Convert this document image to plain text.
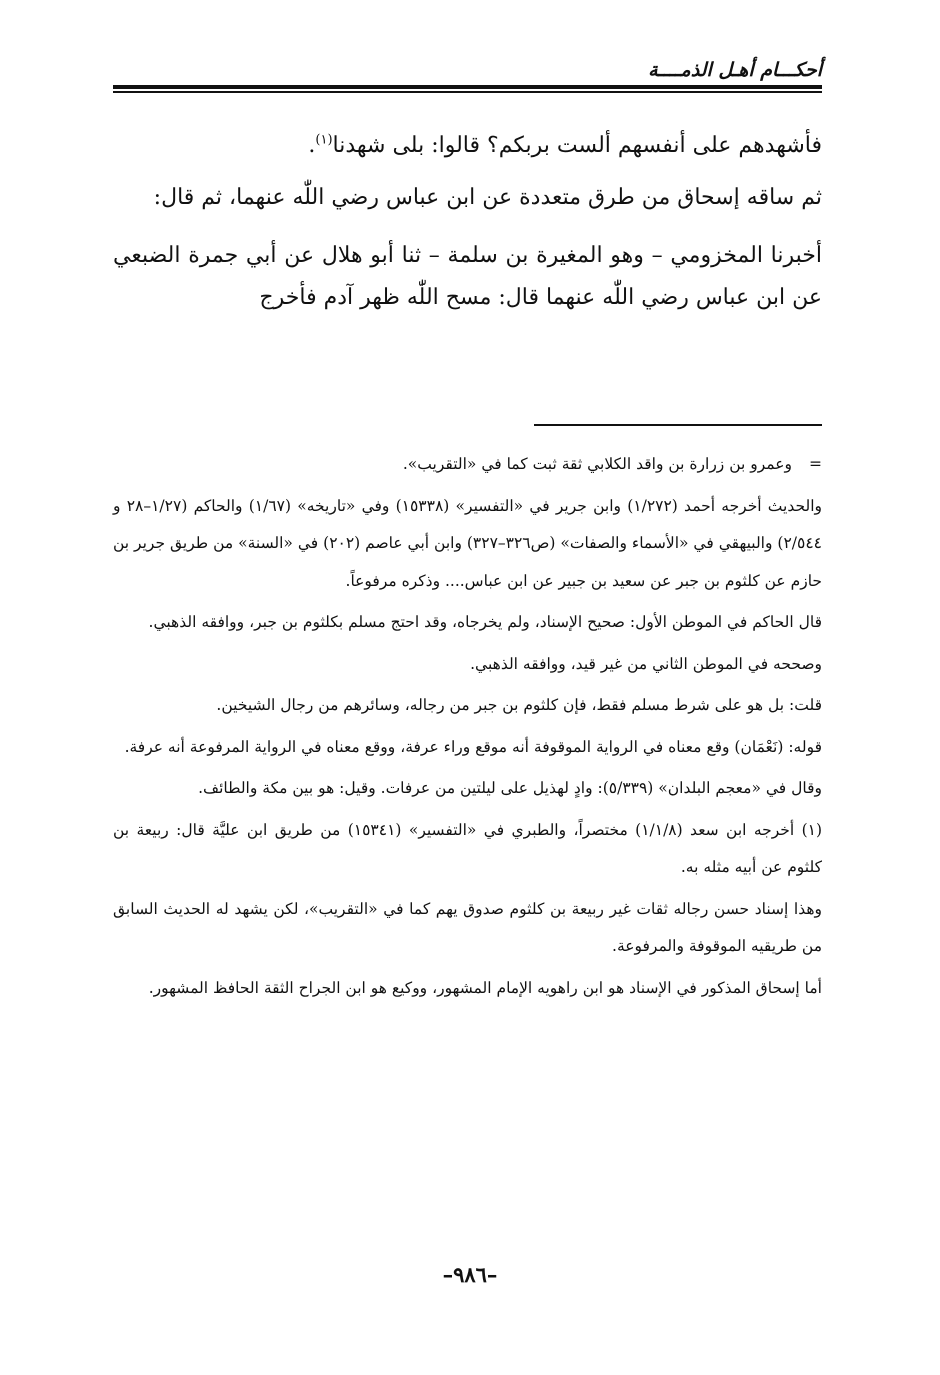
أحكـــام أهـل الذمــــة

فأشهدهم على أنفسهم ألست بربكم؟ قالوا: بلى شهدنا$^{(١)}$.

ثم ساقه إسحاق من طرق متعددة عن ابن عباس رضي اللّٰه عنهما، ثم قال:

أخبرنا المخزومي – وهو المغيرة بن سلمة – ثنا أبو هلال عن أبي جمرة الضبعي عن ابن عباس رضي اللّٰه عنهما قال: مسح اللّٰه ظهر آدم فأخرج

=وعمرو بن زرارة بن واقد الكلابي ثقة ثبت كما في «التقريب».

والحديث أخرجه أحمد (١/٢٧٢) وابن جرير في «التفسير» (١٥٣٣٨) وفي «تاريخه» (١/٦٧) والحاكم (١/٢٧–٢٨ و ٢/٥٤٤) والبيهقي في «الأسماء والصفات» (ص٣٢٦–٣٢٧) وابن أبي عاصم (٢٠٢) في «السنة» من طريق جرير بن حازم عن كلثوم بن جبر عن سعيد بن جبير عن ابن عباس.... وذكره مرفوعاً.

قال الحاكم في الموطن الأول: صحيح الإسناد، ولم يخرجاه، وقد احتج مسلم بكلثوم بن جبر، ووافقه الذهبي.

وصححه في الموطن الثاني من غير قيد، ووافقه الذهبي.

قلت: بل هو على شرط مسلم فقط، فإن كلثوم بن جبر من رجاله، وسائرهم من رجال الشيخين.

قوله: (نَعْمَان) وقع معناه في الرواية الموقوفة أنه موقع وراء عرفة، ووقع معناه في الرواية المرفوعة أنه عرفة.

وقال في «معجم البلدان» (٥/٣٣٩): وادٍ لهذيل على ليلتين من عرفات. وقيل: هو بين مكة والطائف.

(١) أخرجه ابن سعد (١/١/٨) مختصراً، والطبري في «التفسير» (١٥٣٤١) من طريق ابن عليَّة قال: ربيعة بن كلثوم عن أبيه مثله به.

وهذا إسناد حسن رجاله ثقات غير ربيعة بن كلثوم صدوق يهم كما في «التقريب»، لكن يشهد له الحديث السابق من طريقيه الموقوفة والمرفوعة.

أما إسحاق المذكور في الإسناد هو ابن راهويه الإمام المشهور، ووكيع هو ابن الجراح الثقة الحافظ المشهور.

–٩٨٦–
